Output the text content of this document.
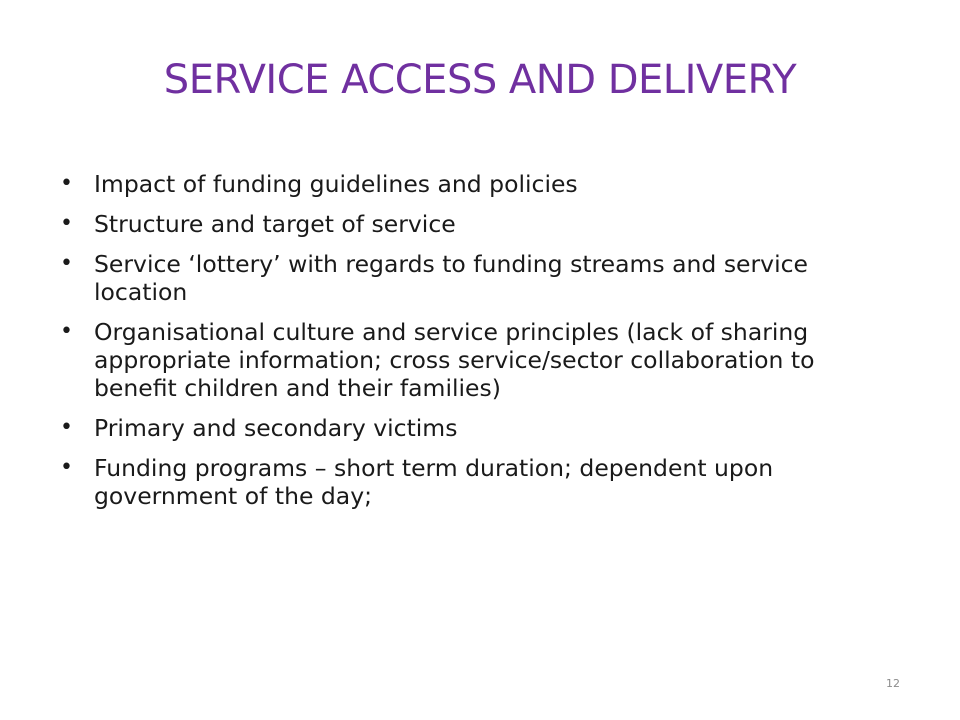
SERVICE ACCESS AND DELIVERY
• Impact of funding guidelines and policies
• Structure and target of service
• Service ‘lottery’ with regards to funding streams and service location
• Organisational culture and service principles (lack of sharing appropriate information; cross service/sector collaboration to benefit children and their families)
• Primary and secondary victims
• Funding programs – short term duration; dependent upon government of the day;
12
